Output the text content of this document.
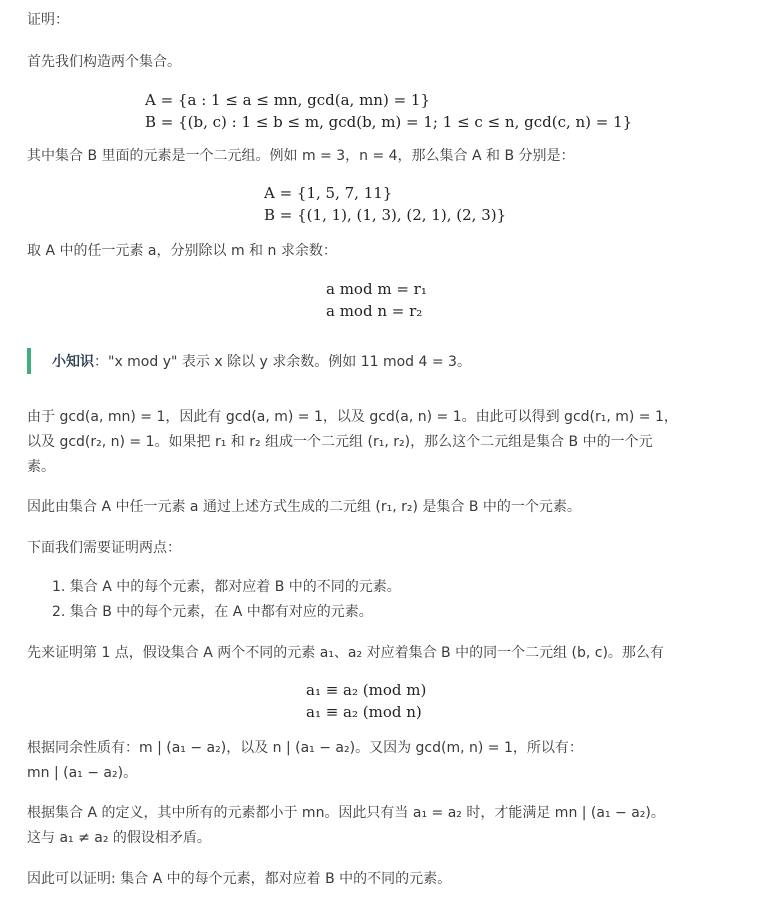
证明：
首先我们构造两个集合。
A = {a : 1 ≤ a ≤ mn, gcd(a, mn) = 1}
B = {(b, c) : 1 ≤ b ≤ m, gcd(b, m) = 1; 1 ≤ c ≤ n, gcd(c, n) = 1}
其中集合 B 里面的元素是一个二元组。例如 m = 3，n = 4，那么集合 A 和 B 分别是：
A = {1, 5, 7, 11}
B = {(1, 1), (1, 3), (2, 1), (2, 3)}
取 A 中的任一元素 a，分别除以 m 和 n 求余数：
a mod m = r₁
a mod n = r₂
小知识："x mod y" 表示 x 除以 y 求余数。例如 11 mod 4 = 3。
由于 gcd(a, mn) = 1，因此有 gcd(a, m) = 1，以及 gcd(a, n) = 1。由此可以得到 gcd(r₁, m) = 1，
以及 gcd(r₂, n) = 1。如果把 r₁ 和 r₂ 组成一个二元组 (r₁, r₂)，那么这个二元组是集合 B 中的一个元
素。
因此由集合 A 中任一元素 a 通过上述方式生成的二元组 (r₁, r₂) 是集合 B 中的一个元素。
下面我们需要证明两点：
1. 集合 A 中的每个元素，都对应着 B 中的不同的元素。
2. 集合 B 中的每个元素，在 A 中都有对应的元素。
先来证明第 1 点，假设集合 A 两个不同的元素 a₁、a₂ 对应着集合 B 中的同一个二元组 (b, c)。那么有
a₁ ≡ a₂ (mod m)
a₁ ≡ a₂ (mod n)
根据同余性质有：m | (a₁ − a₂)，以及 n | (a₁ − a₂)。又因为 gcd(m, n) = 1，所以有：
mn | (a₁ − a₂)。
根据集合 A 的定义，其中所有的元素都小于 mn。因此只有当 a₁ = a₂ 时，才能满足 mn | (a₁ − a₂)。
这与 a₁ ≠ a₂ 的假设相矛盾。
因此可以证明: 集合 A 中的每个元素，都对应着 B 中的不同的元素。
